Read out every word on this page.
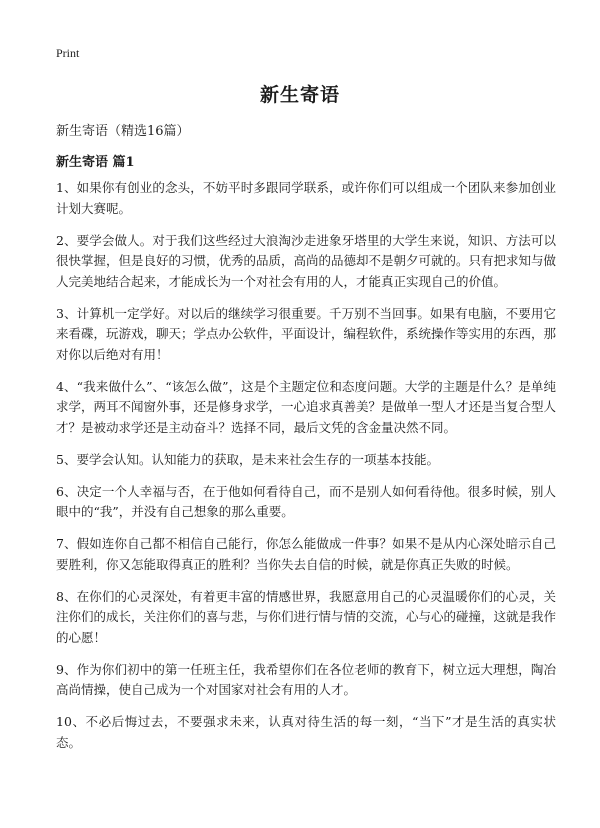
Print
新生寄语
新生寄语（精选16篇）
新生寄语 篇1

1、如果你有创业的念头，不妨平时多跟同学联系，或许你们可以组成一个团队来参加创业计划大赛呢。

2、要学会做人。对于我们这些经过大浪淘沙走进象牙塔里的大学生来说，知识、方法可以很快掌握，但是良好的习惯，优秀的品质，高尚的品德却不是朝夕可就的。只有把求知与做人完美地结合起来，才能成长为一个对社会有用的人，才能真正实现自己的价值。

3、计算机一定学好。对以后的继续学习很重要。千万别不当回事。如果有电脑，不要用它来看碟，玩游戏，聊天；学点办公软件，平面设计，编程软件，系统操作等实用的东西，那对你以后绝对有用！

4、“我来做什么”、“该怎么做”，这是个主题定位和态度问题。大学的主题是什么？是单纯求学，两耳不闻窗外事，还是修身求学，一心追求真善美？是做单一型人才还是当复合型人才？是被动求学还是主动奋斗？选择不同，最后文凭的含金量决然不同。

5、要学会认知。认知能力的获取，是未来社会生存的一项基本技能。

6、决定一个人幸福与否，在于他如何看待自己，而不是别人如何看待他。很多时候，别人眼中的“我”，并没有自己想象的那么重要。

7、假如连你自己都不相信自己能行，你怎么能做成一件事？如果不是从内心深处暗示自己要胜利，你又怎能取得真正的胜利？当你失去自信的时候，就是你真正失败的时候。

8、在你们的心灵深处，有着更丰富的情感世界，我愿意用自己的心灵温暖你们的心灵，关注你们的成长，关注你们的喜与悲，与你们进行情与情的交流，心与心的碰撞，这就是我作的心愿！

9、作为你们初中的第一任班主任，我希望你们在各位老师的教育下，树立远大理想，陶冶高尚情操，使自己成为一个对国家对社会有用的人才。

10、不必后悔过去，不要强求未来，认真对待生活的每一刻，“当下”才是生活的真实状态。
